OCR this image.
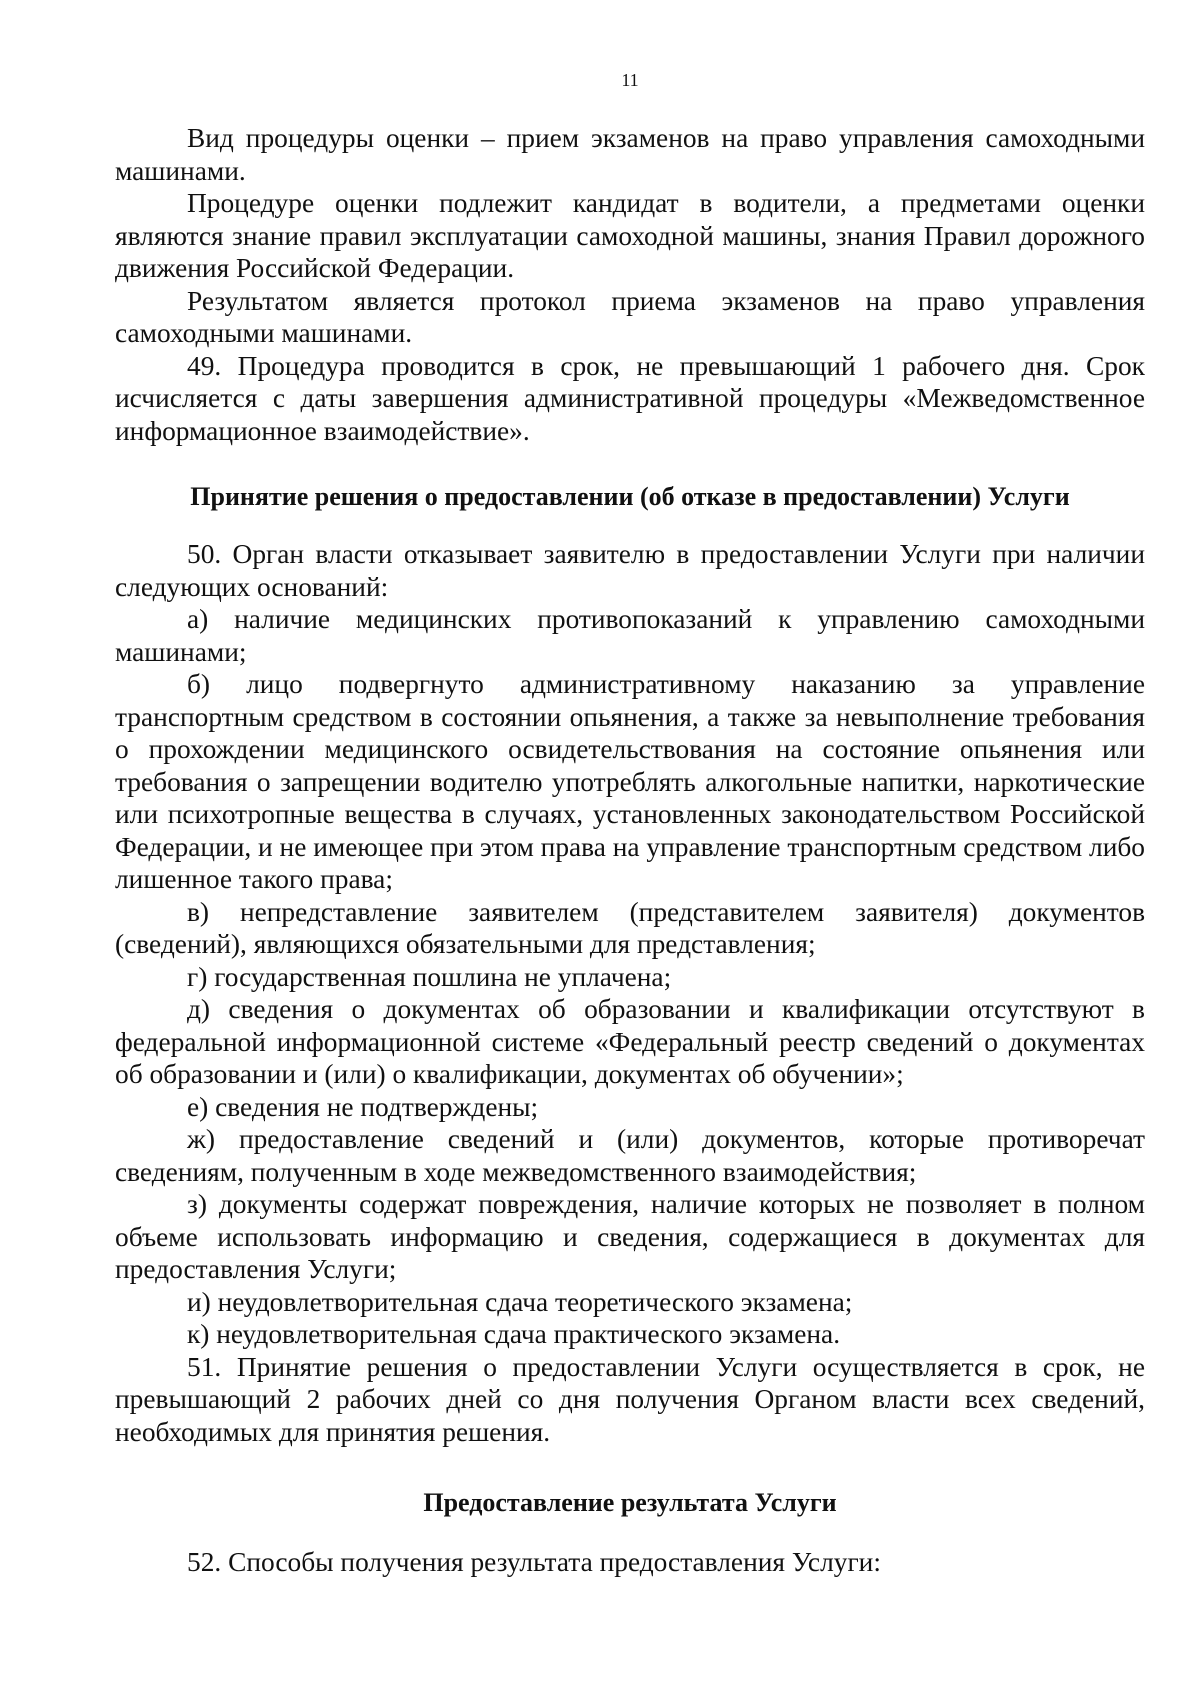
11

Вид процедуры оценки – прием экзаменов на право управления самоходными машинами.

Процедуре оценки подлежит кандидат в водители, а предметами оценки являются знание правил эксплуатации самоходной машины, знания Правил дорожного движения Российской Федерации.

Результатом является протокол приема экзаменов на право управления самоходными машинами.

49. Процедура проводится в срок, не превышающий 1 рабочего дня. Срок исчисляется с даты завершения административной процедуры «Межведомственное информационное взаимодействие».

Принятие решения о предоставлении (об отказе в предоставлении) Услуги

50. Орган власти отказывает заявителю в предоставлении Услуги при наличии следующих оснований:

а) наличие медицинских противопоказаний к управлению самоходными машинами;

б) лицо подвергнуто административному наказанию за управление транспортным средством в состоянии опьянения, а также за невыполнение требования о прохождении медицинского освидетельствования на состояние опьянения или требования о запрещении водителю употреблять алкогольные напитки, наркотические или психотропные вещества в случаях, установленных законодательством Российской Федерации, и не имеющее при этом права на управление транспортным средством либо лишенное такого права;

в) непредставление заявителем (представителем заявителя) документов (сведений), являющихся обязательными для представления;

г) государственная пошлина не уплачена;

д) сведения о документах об образовании и квалификации отсутствуют в федеральной информационной системе «Федеральный реестр сведений о документах об образовании и (или) о квалификации, документах об обучении»;

е) сведения не подтверждены;

ж) предоставление сведений и (или) документов, которые противоречат сведениям, полученным в ходе межведомственного взаимодействия;

з) документы содержат повреждения, наличие которых не позволяет в полном объеме использовать информацию и сведения, содержащиеся в документах для предоставления Услуги;

и) неудовлетворительная сдача теоретического экзамена;

к) неудовлетворительная сдача практического экзамена.

51. Принятие решения о предоставлении Услуги осуществляется в срок, не превышающий 2 рабочих дней со дня получения Органом власти всех сведений, необходимых для принятия решения.

Предоставление результата Услуги

52. Способы получения результата предоставления Услуги:
